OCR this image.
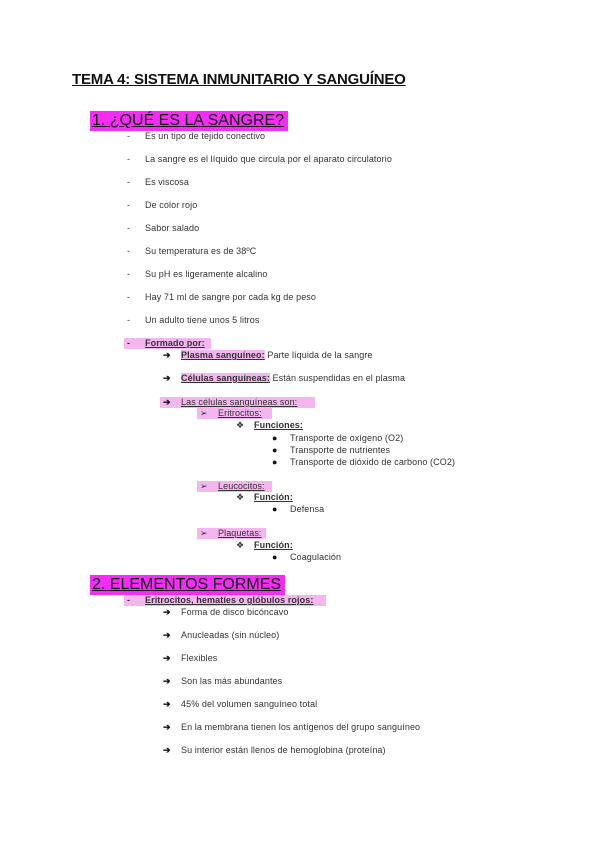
TEMA 4: SISTEMA INMUNITARIO Y SANGUÍNEO
1. ¿QUÉ ES LA SANGRE?
- Es un tipo de tejido conectivo
- La sangre es el líquido que circula por el aparato circulatorio
- Es viscosa
- De color rojo
- Sabor salado
- Su temperatura es de 38ºC
- Su pH es ligeramente alcalino
- Hay 71 ml de sangre por cada kg de peso
- Un adulto tiene unos 5 litros
- Formado por:
➔ Plasma sanguíneo: Parte líquida de la sangre
➔ Células sanguíneas: Están suspendidas en el plasma
➔ Las células sanguíneas son:
➢ Eritrocitos:
❖ Funciones:
● Transporte de oxígeno (O2)
● Transporte de nutrientes
● Transporte de dióxido de carbono (CO2)
➢ Leucocitos:
❖ Función:
● Defensa
➢ Plaquetas:
❖ Función:
● Coagulación
2. ELEMENTOS FORMES
- Eritrocitos, hematíes o glóbulos rojos:
➔ Forma de disco bicóncavo
➔ Anucleadas (sin núcleo)
➔ Flexibles
➔ Son las más abundantes
➔ 45% del volumen sanguíneo total
➔ En la membrana tienen los antígenos del grupo sanguíneo
➔ Su interior están llenos de hemoglobina (proteína)
